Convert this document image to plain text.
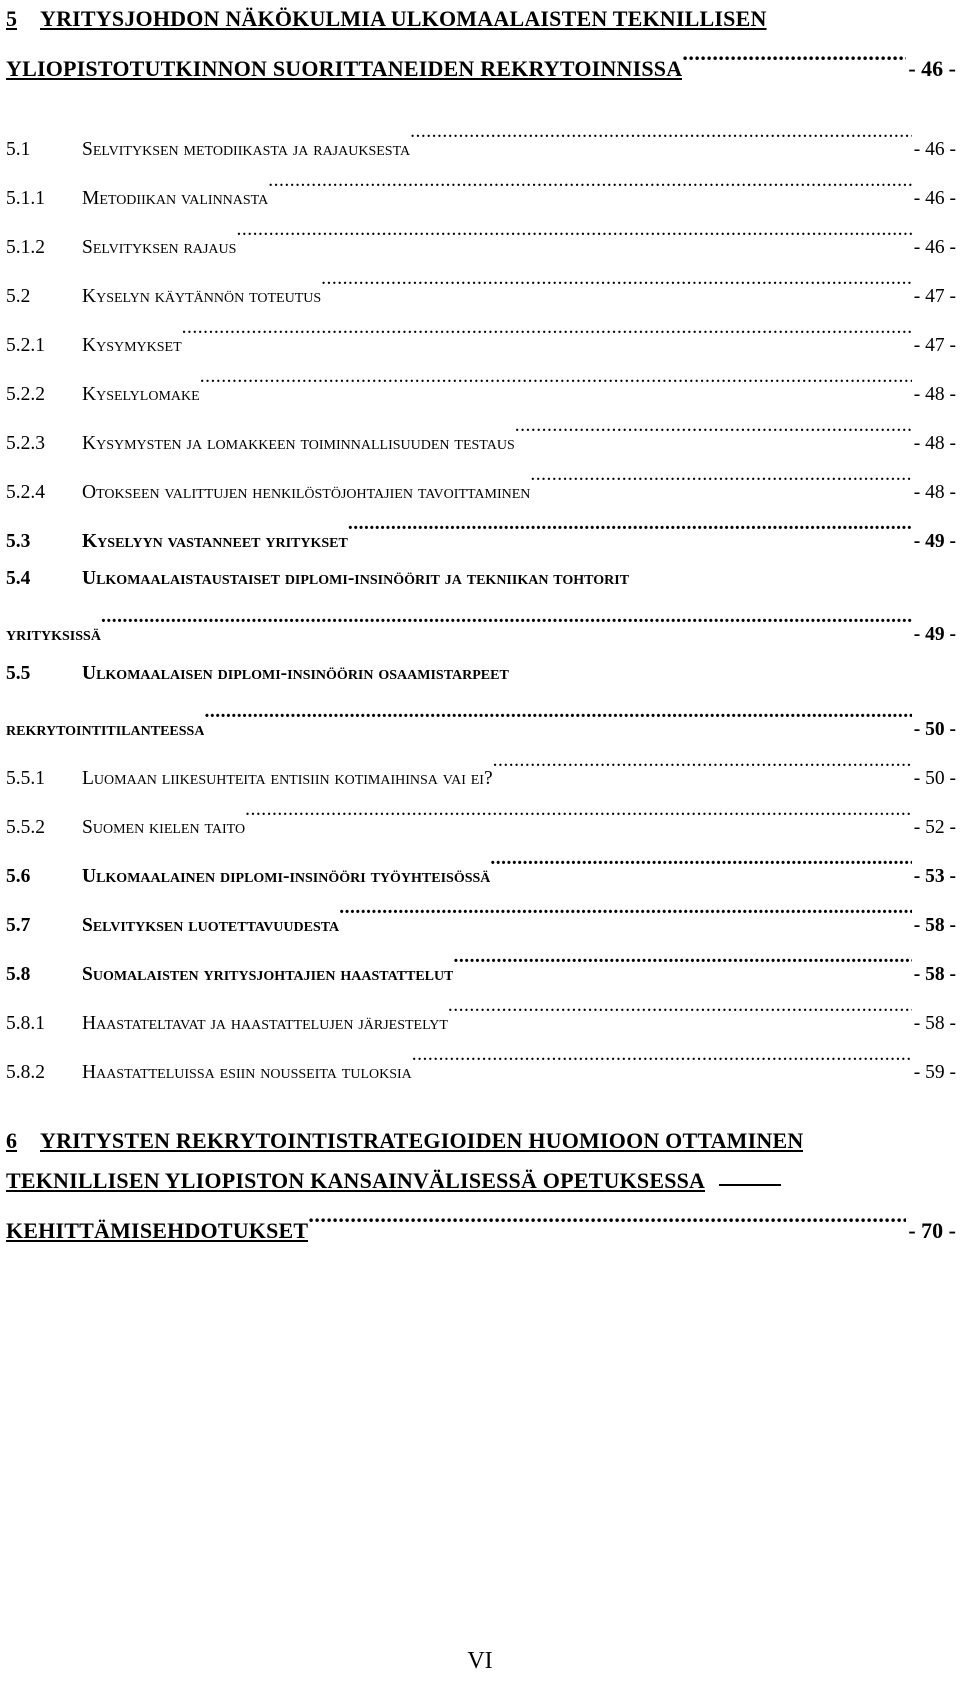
5	YRITYSJOHDON NÄKÖKULMIA ULKOMAALAISTEN TEKNILLISEN
YLIOPISTOTUTKINNON SUORITTANEIDEN REKRYTOINNISSA .....	- 46 -
5.1	Selvityksen metodiikasta ja rajauksesta .....	- 46 -
5.1.1	Metodiikan valinnasta .....	- 46 -
5.1.2	Selvityksen rajaus .....	- 46 -
5.2	Kyselyn käytännön toteutus .....	- 47 -
5.2.1	Kysymykset .....	- 47 -
5.2.2	Kyselylomake .....	- 48 -
5.2.3	Kysymysten ja lomakkeen toiminnallisuuden testaus .....	- 48 -
5.2.4	Otokseen valittujen henkilöstöjohtajien tavoittaminen .....	- 48 -
5.3	Kyselyyn vastanneet yritykset .....	- 49 -
5.4	Ulkomaalaistaustaiset diplomi-insinöörit ja tekniikan tohtorit
yrityksissä .....	- 49 -
5.5	Ulkomaalaisen diplomi-insinöörin osaamistarpeet
rekrytointitilanteessa .....	- 50 -
5.5.1	Luomaan liikesuhteita entisiin kotimaihinsa vai ei? .....	- 50 -
5.5.2	Suomen kielen taito .....	- 52 -
5.6	Ulkomaalainen diplomi-insinööri työyhteisössä .....	- 53 -
5.7	Selvityksen luotettavuudesta .....	- 58 -
5.8	Suomalaisten yritysjohtajien haastattelut .....	- 58 -
5.8.1	Haastateltavat ja haastattelujen järjestelyt .....	- 58 -
5.8.2	Haastatteluissa esiin nousseita tuloksia .....	- 59 -
6	YRITYSTEN REKRYTOINTISTRATEGIOIDEN HUOMIOON OTTAMINEN
TEKNILLISEN YLIOPISTON KANSAINVÄLISESSÄ OPETUKSESSA
KEHITTÄMISEHDOTUKSET .....	- 70 -
VI
